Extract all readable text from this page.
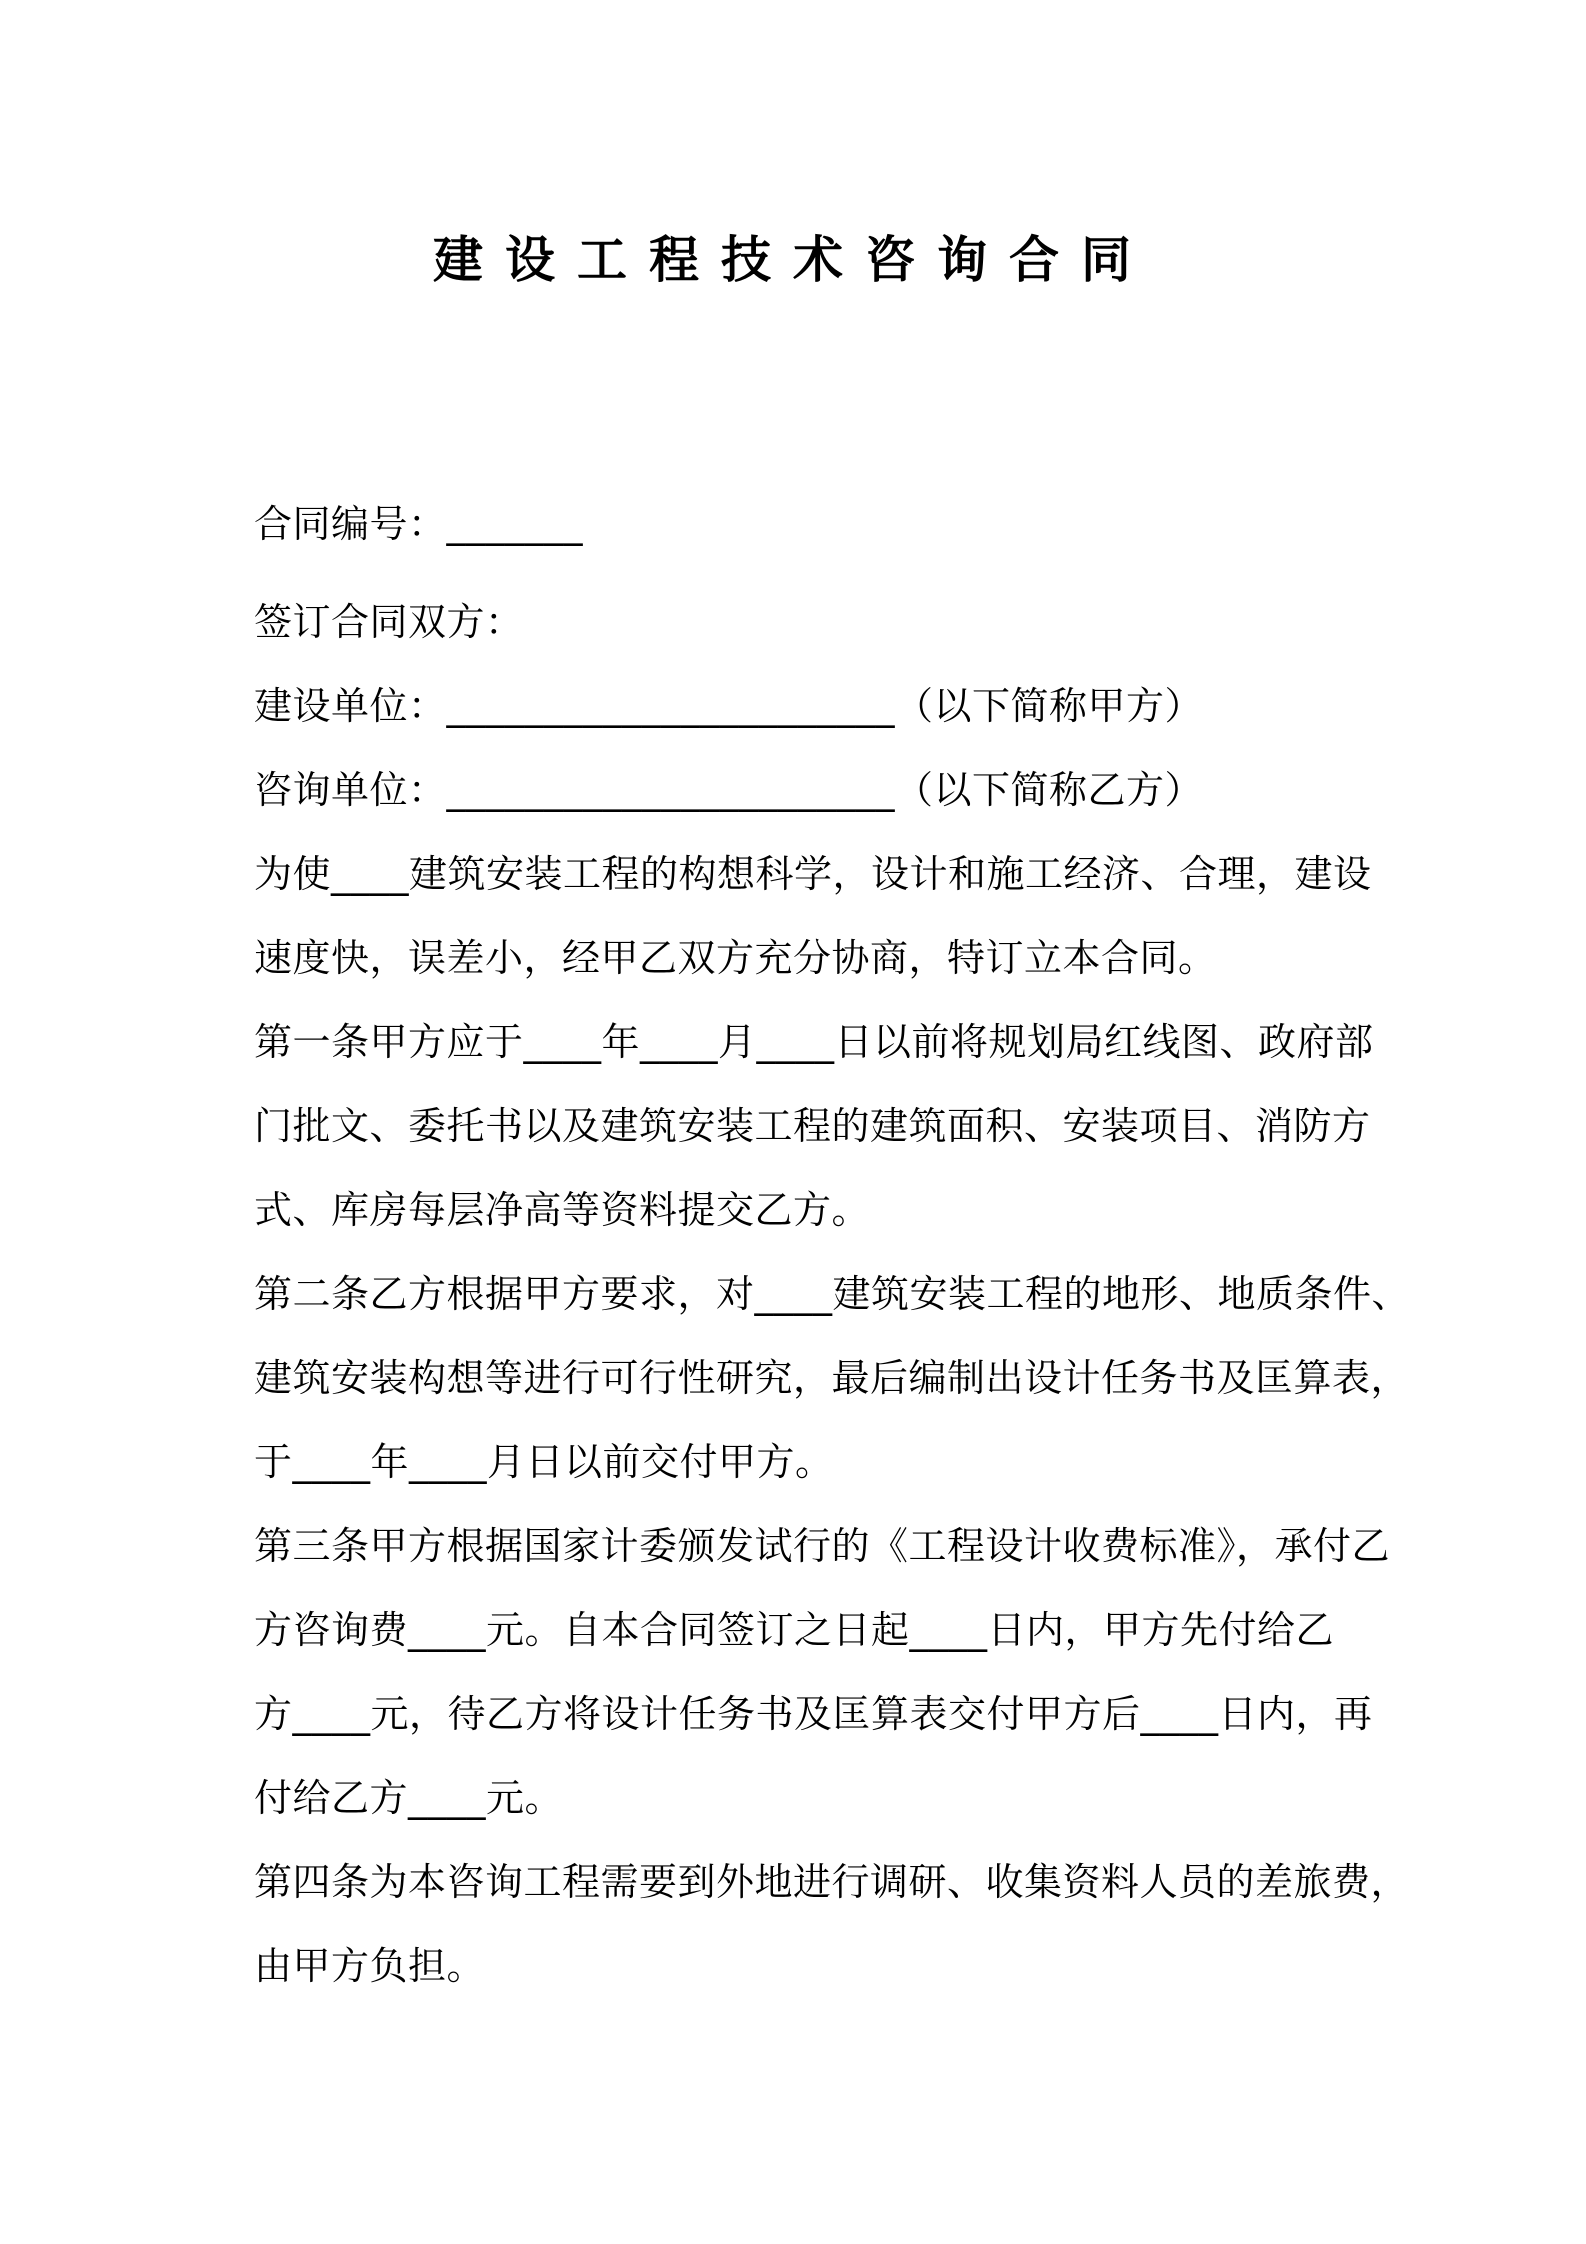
建设工程技术咨询合同
合同编号：_______
签订合同双方：
建设单位：_______________________（以下简称甲方）
咨询单位：_______________________（以下简称乙方）
为使____建筑安装工程的构想科学，设计和施工经济、合理，建设
速度快，误差小，经甲乙双方充分协商，特订立本合同。
第一条甲方应于____年____月____日以前将规划局红线图、政府部
门批文、委托书以及建筑安装工程的建筑面积、安装项目、消防方
式、库房每层净高等资料提交乙方。
第二条乙方根据甲方要求，对____建筑安装工程的地形、地质条件、
建筑安装构想等进行可行性研究，最后编制出设计任务书及匡算表，
于____年____月日以前交付甲方。
第三条甲方根据国家计委颁发试行的《工程设计收费标准》，承付乙
方咨询费____元。自本合同签订之日起____日内，甲方先付给乙
方____元，待乙方将设计任务书及匡算表交付甲方后____日内，再
付给乙方____元。
第四条为本咨询工程需要到外地进行调研、收集资料人员的差旅费，
由甲方负担。
